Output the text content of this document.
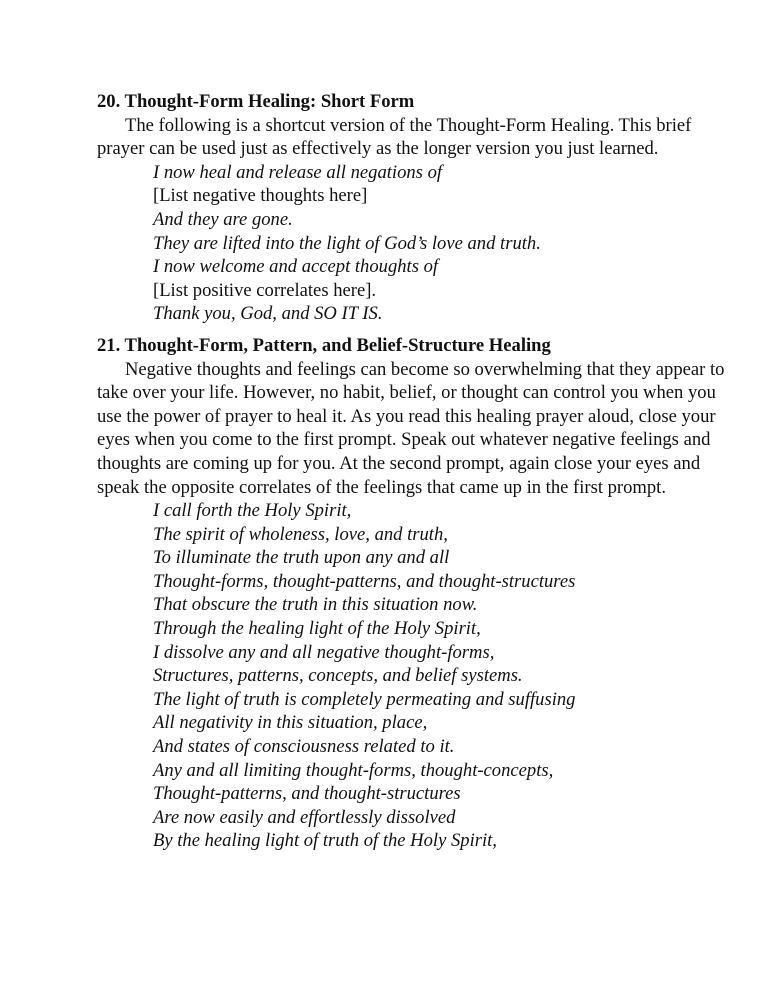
20. Thought-Form Healing: Short Form

The following is a shortcut version of the Thought-Form Healing. This brief prayer can be used just as effectively as the longer version you just learned.

I now heal and release all negations of
[List negative thoughts here]
And they are gone.
They are lifted into the light of God’s love and truth.
I now welcome and accept thoughts of
[List positive correlates here].
Thank you, God, and SO IT IS.
21. Thought-Form, Pattern, and Belief-Structure Healing

Negative thoughts and feelings can become so overwhelming that they appear to take over your life. However, no habit, belief, or thought can control you when you use the power of prayer to heal it. As you read this healing prayer aloud, close your eyes when you come to the first prompt. Speak out whatever negative feelings and thoughts are coming up for you. At the second prompt, again close your eyes and speak the opposite correlates of the feelings that came up in the first prompt.

I call forth the Holy Spirit,
The spirit of wholeness, love, and truth,
To illuminate the truth upon any and all
Thought-forms, thought-patterns, and thought-structures
That obscure the truth in this situation now.
Through the healing light of the Holy Spirit,
I dissolve any and all negative thought-forms,
Structures, patterns, concepts, and belief systems.
The light of truth is completely permeating and suffusing
All negativity in this situation, place,
And states of consciousness related to it.
Any and all limiting thought-forms, thought-concepts,
Thought-patterns, and thought-structures
Are now easily and effortlessly dissolved
By the healing light of truth of the Holy Spirit,
